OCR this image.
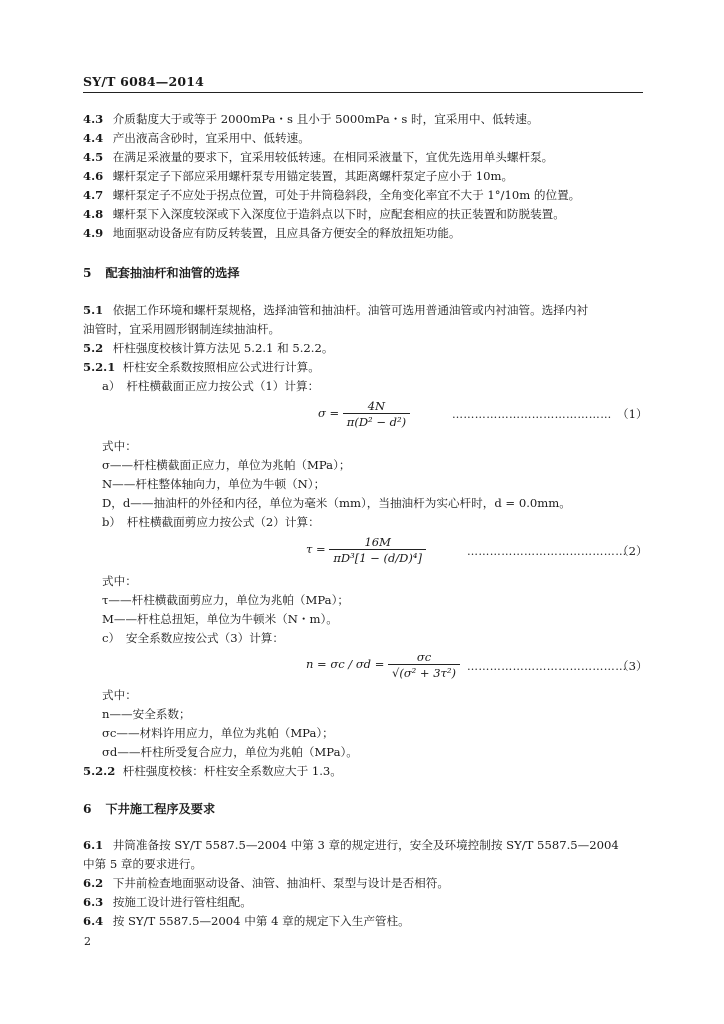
SY/T 6084—2014
4.3 介质黏度大于或等于 2000mPa・s 且小于 5000mPa・s 时，宜采用中、低转速。
4.4 产出液高含砂时，宜采用中、低转速。
4.5 在满足采液量的要求下，宜采用较低转速。在相同采液量下，宜优先选用单头螺杆泵。
4.6 螺杆泵定子下部应采用螺杆泵专用锚定装置，其距离螺杆泵定子应小于 10m。
4.7 螺杆泵定子不应处于拐点位置，可处于井筒稳斜段，全角变化率宜不大于 1°/10m 的位置。
4.8 螺杆泵下入深度较深或下入深度位于造斜点以下时，应配套相应的扶正装置和防脱装置。
4.9 地面驱动设备应有防反转装置，且应具备方便安全的释放扭矩功能。
5 配套抽油杆和油管的选择
5.1 依据工作环境和螺杆泵规格，选择油管和抽油杆。油管可选用普通油管或内衬油管。选择内衬
油管时，宜采用圆形钢制连续抽油杆。
5.2 杆柱强度校核计算方法见 5.2.1 和 5.2.2。
5.2.1 杆柱安全系数按照相应公式进行计算。
a）　杆柱横截面正应力按公式（1）计算：
$\sigma = \frac{4N}{\text{π(D² − d²)}}$	…………………………………… （1）
式中：
σ——杆柱横截面正应力，单位为兆帕（MPa）；
N——杆柱整体轴向力，单位为牛顿（N）；
D，d——抽油杆的外径和内径，单位为毫米（mm），当抽油杆为实心杆时，d = 0.0mm。
b）　杆柱横截面剪应力按公式（2）计算：
$\tau = \frac{16M}{\text{πD³[1 − (d/D)⁴]}}$	……………………………………
（2）
式中：
τ——杆柱横截面剪应力，单位为兆帕（MPa）；
M——杆柱总扭矩，单位为牛顿米（N・m）。
c）　安全系数应按公式（3）计算：
$n = \sigma c / \sigma d = \frac{\sigma c}{\text{√(σ² + 3τ²)}}$ ……………………………………
（3）
式中：
n——安全系数；
σc——材料许用应力，单位为兆帕（MPa）；
σd——杆柱所受复合应力，单位为兆帕（MPa）。
5.2.2 杆柱强度校核：杆柱安全系数应大于 1.3。
6 下井施工程序及要求
6.1 井筒准备按 SY/T 5587.5—2004 中第 3 章的规定进行，安全及环境控制按 SY/T 5587.5—2004
中第 5 章的要求进行。
6.2 下井前检查地面驱动设备、油管、抽油杆、泵型与设计是否相符。
6.3 按施工设计进行管柱组配。
6.4 按 SY/T 5587.5—2004 中第 4 章的规定下入生产管柱。
2
